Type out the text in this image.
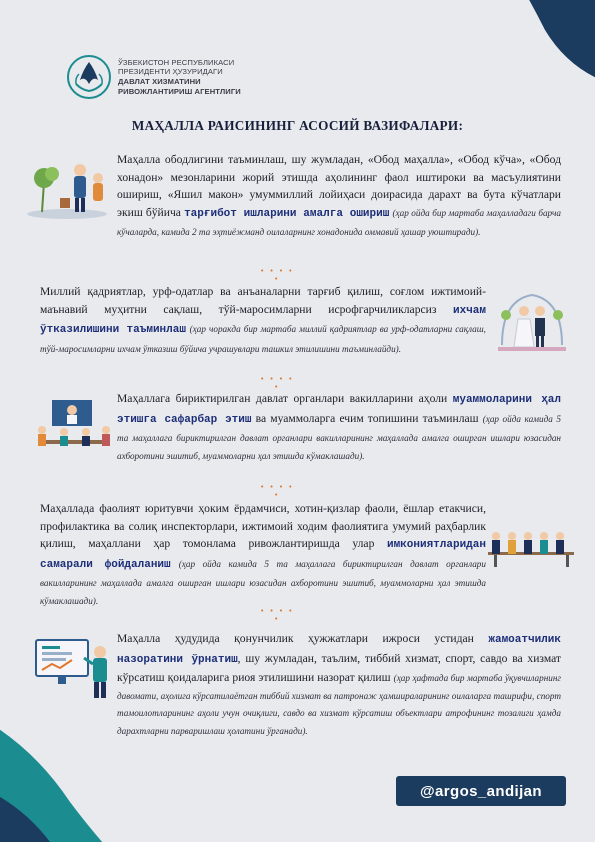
ЎЗБЕКИСТОН РЕСПУБЛИКАСИ
ПРЕЗИДЕНТИ ҲУЗУРИДАГИ
ДАВЛАТ ХИЗМАТИНИ
РИВОЖЛАНТИРИШ АГЕНТЛИГИ
МАҲАЛЛА РАИСИНИНГ АСОСИЙ ВАЗИФАЛАРИ:
Маҳалла ободлигини таъминлаш, шу жумладан, «Обод маҳалла», «Обод кўча», «Обод хонадон» мезонларини жорий этишда аҳолининг фаол иштироки ва масъулиятини ошириш, «Яшил макон» умуммиллий лойиҳаси доирасида дарахт ва бута кўчатлари экиш бўйича тарғибот ишларини амалга ошириш (ҳар ойда бир мартаба маҳалладаги барча кўчаларда, камида 2 та эҳтиёжманд оилаларнинг хонадонида оммавий ҳашар уюштиради).
• • • • •
Миллий қадриятлар, урф-одатлар ва анъаналарни тарғиб қилиш, соғлом ижтимоий-маънавий муҳитни сақлаш, тўй-маросимларни исрофгарчиликларсиз ихчам ўтказилишини таъминлаш (ҳар чоракда бир мартаба миллий қадриятлар ва урф-одатларни сақлаш, тўй-маросимларни ихчам ўтказиш бўйича учрашувлари ташкил этилишини таъминлайди).
• • • • •
Маҳаллага бириктирилган давлат органлари вакилларини аҳоли муаммоларини ҳал этишга сафарбар этиш ва муаммоларга ечим топишини таъминлаш (ҳар ойда камида 5 та маҳаллага бириктирилган давлат органлари вакилларининг маҳаллада амалга оширган ишлари юзасидан ахборотини эшитиб, муаммоларни ҳал этишда кўмаклашади).
• • • • •
Маҳаллада фаолият юритувчи ҳоким ёрдамчиси, хотин-қизлар фаоли, ёшлар етакчиси, профилактика ва солиқ инспекторлари, ижтимоий ходим фаолиятига умумий раҳбарлик қилиш, маҳаллани ҳар томонлама ривожлантиришда улар имкониятларидан самарали фойдаланиш (ҳар ойда камида 5 та маҳаллага бириктирилган давлат органлари вакилларининг маҳаллада амалга оширган ишлари юзасидан ахборотини эшитиб, муаммоларни ҳал этишда кўмаклашади).
• • • • •
Маҳалла ҳудудида қонунчилик ҳужжатлари ижроси устидан жамоатчилик назоратини ўрнатиш, шу жумладан, таълим, тиббий хизмат, спорт, савдо ва хизмат кўрсатиш қоидаларига риоя этилишини назорат қилиш (ҳар ҳафтада бир мартаба ўқувчиларнинг давомати, аҳолига кўрсатилаётган тиббий хизмат ва патронаж ҳамшираларининг оилаларга ташрифи, спорт тамоилотларининг аҳоли учун очиқлиги, савдо ва хизмат кўрсатиш объектлари атрофининг тозалиги ҳамда дарахтларни парваришлаш ҳолатини ўрганади).
@argos_andijan
